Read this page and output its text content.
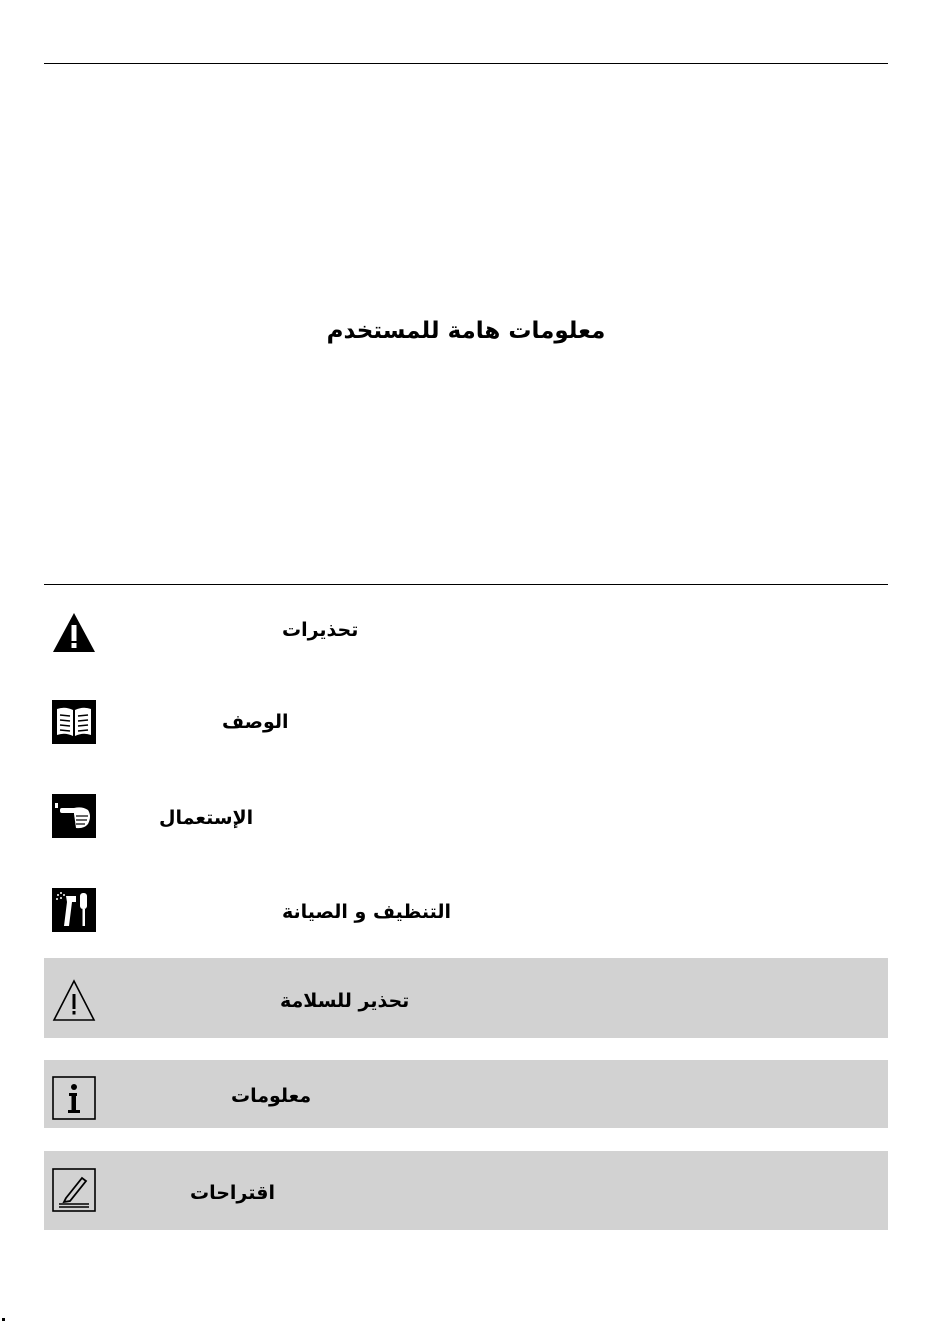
معلومات هامة للمستخدم
تحذيرات
الوصف
الإستعمال
التنظيف و الصيانة
تحذير للسلامة
معلومات
اقتراحات
